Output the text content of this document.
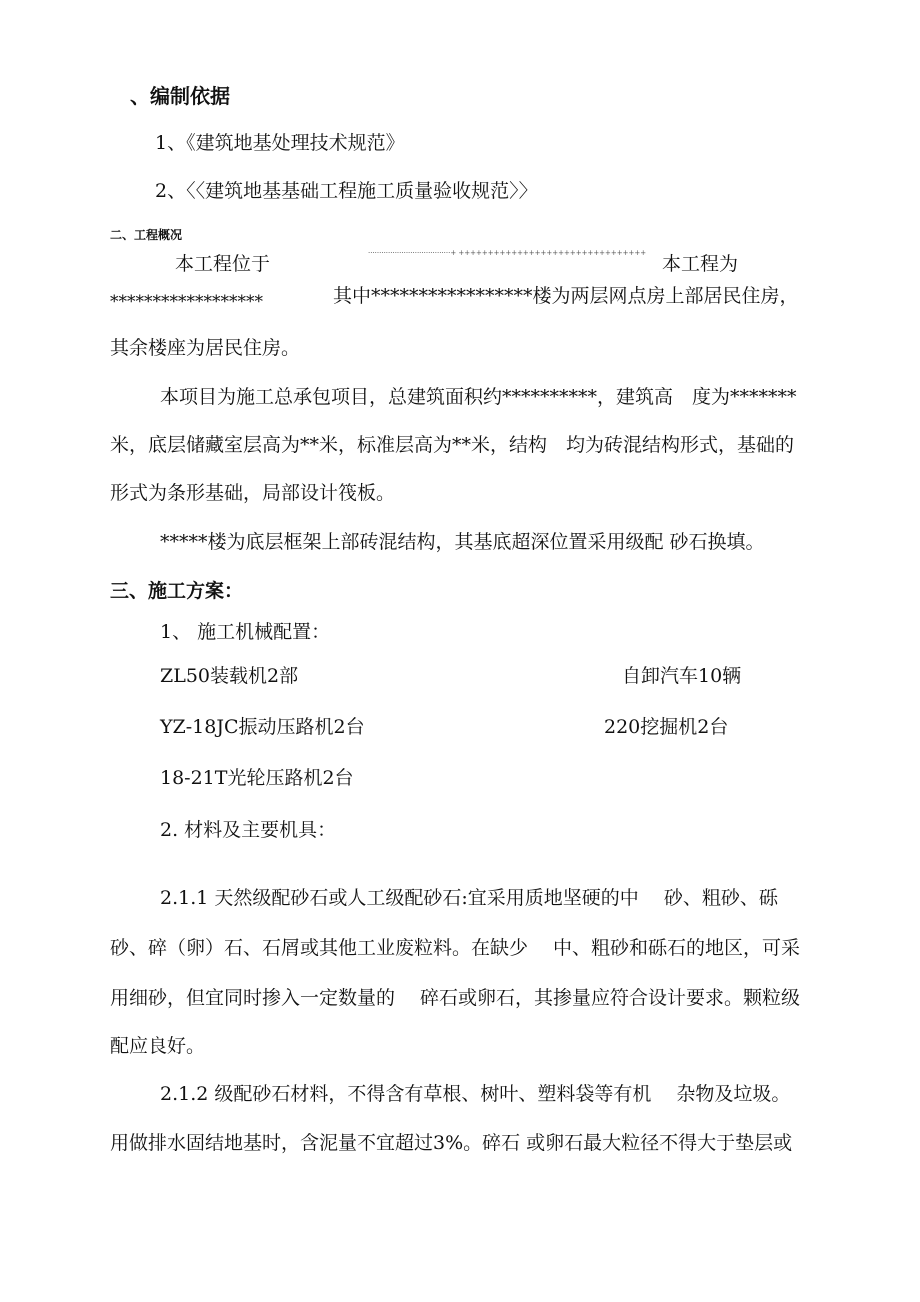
、编制依据
1、《建筑地基处理技术规范》
2、〈〈建筑地基基础工程施工质量验收规范〉〉
二、工程概况
本工程位于	·····································+ ++++++++++++++++++++++++++++++++ 本工程为
******************	其中*****************楼为两层网点房上部居民住房，
其余楼座为居民住房。
本项目为施工总承包项目，总建筑面积约**********，建筑高　度为*******
米，底层储藏室层高为**米，标准层高为**米，结构　均为砖混结构形式，基础的
形式为条形基础，局部设计筏板。
*****楼为底层框架上部砖混结构，其基底超深位置采用级配 砂石换填。
三、施工方案：
1、 施工机械配置：
ZL50装载机2部	自卸汽车10辆
YZ-18JC振动压路机2台	220挖掘机2台
18-21T光轮压路机2台
2. 材料及主要机具：
2.1.1 天然级配砂石或人工级配砂石:宜采用质地坚硬的中　 砂、粗砂、砾
砂、碎（卵）石、石屑或其他工业废粒料。在缺少　 中、粗砂和砾石的地区，可采
用细砂，但宜同时掺入一定数量的　 碎石或卵石，其掺量应符合设计要求。颗粒级
配应良好。
2.1.2 级配砂石材料，不得含有草根、树叶、塑料袋等有机　 杂物及垃圾。
用做排水固结地基时，含泥量不宜超过3%。碎石 或卵石最大粒径不得大于垫层或
